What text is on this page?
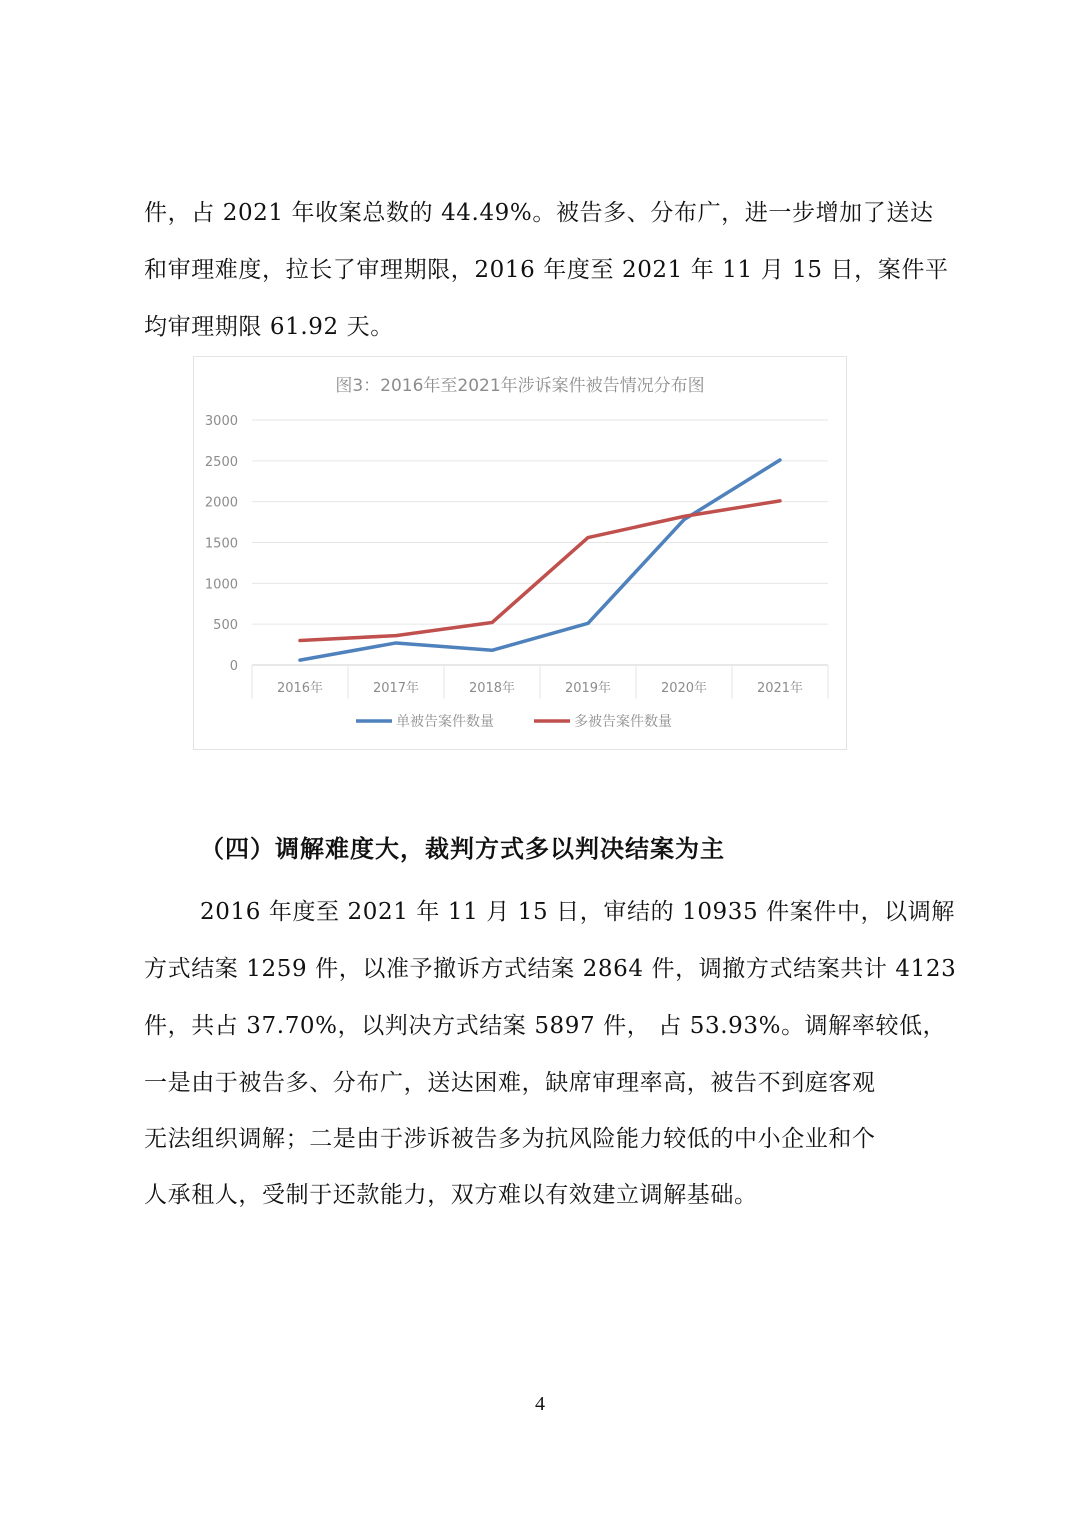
件，占 2021 年收案总数的 44.49%。被告多、分布广，进一步增加了送达
和审理难度，拉长了审理期限，2016 年度至 2021 年 11 月 15 日，案件平
均审理期限 61.92 天。
图3：2016年至2021年涉诉案件被告情况分布图
0
500
1000
1500
2000
2500
3000
2016年	2017年	2018年	2019年	2020年	2021年
单被告案件数量	多被告案件数量
（四）调解难度大，裁判方式多以判决结案为主
2016 年度至 2021 年 11 月 15 日，审结的 10935 件案件中，以调解
方式结案 1259 件，以准予撤诉方式结案 2864 件，调撤方式结案共计 4123
件，共占 37.70%，以判决方式结案 5897 件， 占 53.93%。调解率较低，
一是由于被告多、分布广，送达困难，缺席审理率高，被告不到庭客观
无法组织调解；二是由于涉诉被告多为抗风险能力较低的中小企业和个
人承租人，受制于还款能力，双方难以有效建立调解基础。
4
